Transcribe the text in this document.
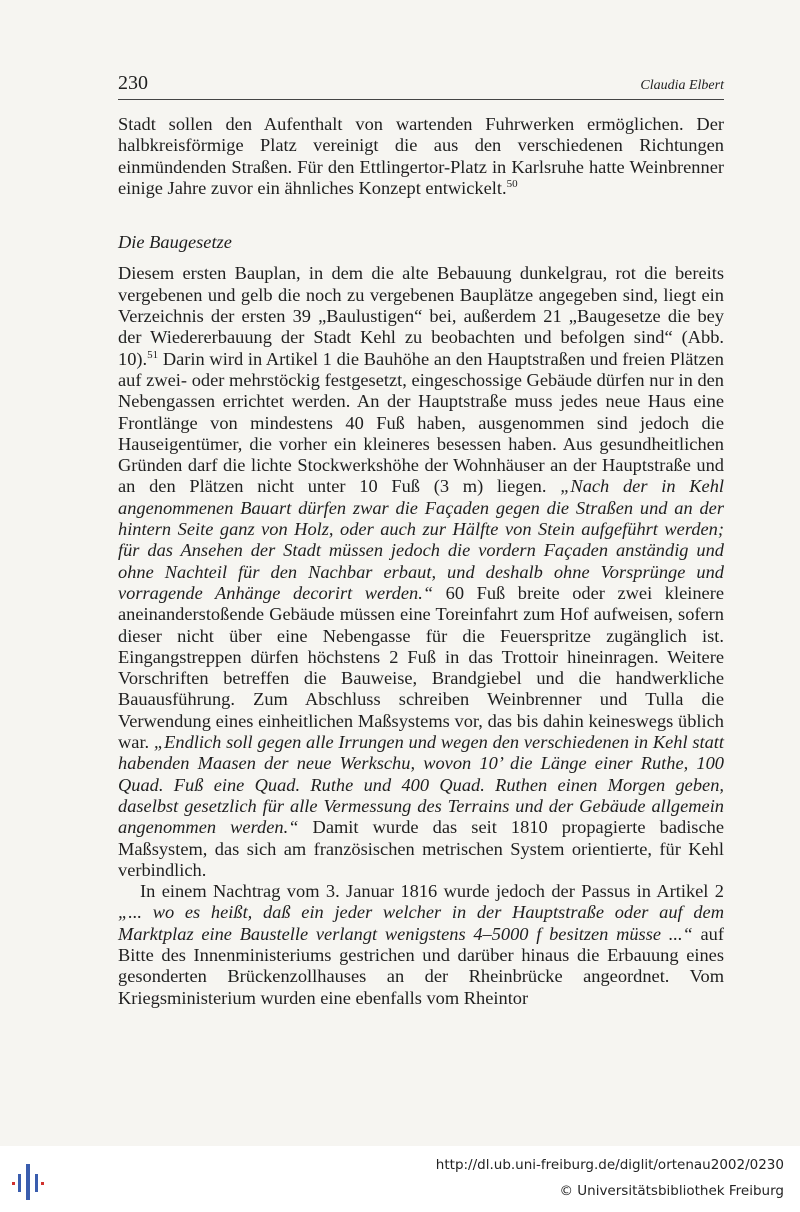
230	Claudia Elbert

Stadt sollen den Aufenthalt von wartenden Fuhrwerken ermöglichen. Der halbkreisförmige Platz vereinigt die aus den verschiedenen Richtungen einmündenden Straßen. Für den Ettlingertor-Platz in Karlsruhe hatte Weinbrenner einige Jahre zuvor ein ähnliches Konzept entwickelt.$^{50}$

Die Baugesetze

Diesem ersten Bauplan, in dem die alte Bebauung dunkelgrau, rot die bereits vergebenen und gelb die noch zu vergebenen Bauplätze angegeben sind, liegt ein Verzeichnis der ersten 39 „Baulustigen“ bei, außerdem 21 „Baugesetze die bey der Wiedererbauung der Stadt Kehl zu beobachten und befolgen sind“ (Abb. 10).$^{51}$ Darin wird in Artikel 1 die Bauhöhe an den Hauptstraßen und freien Plätzen auf zwei- oder mehrstöckig festgesetzt, eingeschossige Gebäude dürfen nur in den Nebengassen errichtet werden. An der Hauptstraße muss jedes neue Haus eine Frontlänge von mindestens 40 Fuß haben, ausgenommen sind jedoch die Hauseigentümer, die vorher ein kleineres besessen haben. Aus gesundheitlichen Gründen darf die lichte Stockwerkshöhe der Wohnhäuser an der Hauptstraße und an den Plätzen nicht unter 10 Fuß (3 m) liegen. „Nach der in Kehl angenommenen Bauart dürfen zwar die Façaden gegen die Straßen und an der hintern Seite ganz von Holz, oder auch zur Hälfte von Stein aufgeführt werden; für das Ansehen der Stadt müssen jedoch die vordern Façaden anständig und ohne Nachteil für den Nachbar erbaut, und deshalb ohne Vorsprünge und vorragende Anhänge decorirt werden.“ 60 Fuß breite oder zwei kleinere aneinanderstoßende Gebäude müssen eine Toreinfahrt zum Hof aufweisen, sofern dieser nicht über eine Nebengasse für die Feuerspritze zugänglich ist. Eingangstreppen dürfen höchstens 2 Fuß in das Trottoir hineinragen. Weitere Vorschriften betreffen die Bauweise, Brandgiebel und die handwerkliche Bauausführung. Zum Abschluss schreiben Weinbrenner und Tulla die Verwendung eines einheitlichen Maßsystems vor, das bis dahin keineswegs üblich war. „Endlich soll gegen alle Irrungen und wegen den verschiedenen in Kehl statt habenden Maasen der neue Werkschu, wovon 10’ die Länge einer Ruthe, 100 Quad. Fuß eine Quad. Ruthe und 400 Quad. Ruthen einen Morgen geben, daselbst gesetzlich für alle Vermessung des Terrains und der Gebäude allgemein angenommen werden.“ Damit wurde das seit 1810 propagierte badische Maßsystem, das sich am französischen metrischen System orientierte, für Kehl verbindlich.

In einem Nachtrag vom 3. Januar 1816 wurde jedoch der Passus in Artikel 2 „... wo es heißt, daß ein jeder welcher in der Hauptstraße oder auf dem Marktplaz eine Baustelle verlangt wenigstens 4–5000 f besitzen müsse ...“ auf Bitte des Innenministeriums gestrichen und darüber hinaus die Erbauung eines gesonderten Brückenzollhauses an der Rheinbrücke angeordnet. Vom Kriegsministerium wurden eine ebenfalls vom Rheintor

http://dl.ub.uni-freiburg.de/diglit/ortenau2002/0230
© Universitätsbibliothek Freiburg
